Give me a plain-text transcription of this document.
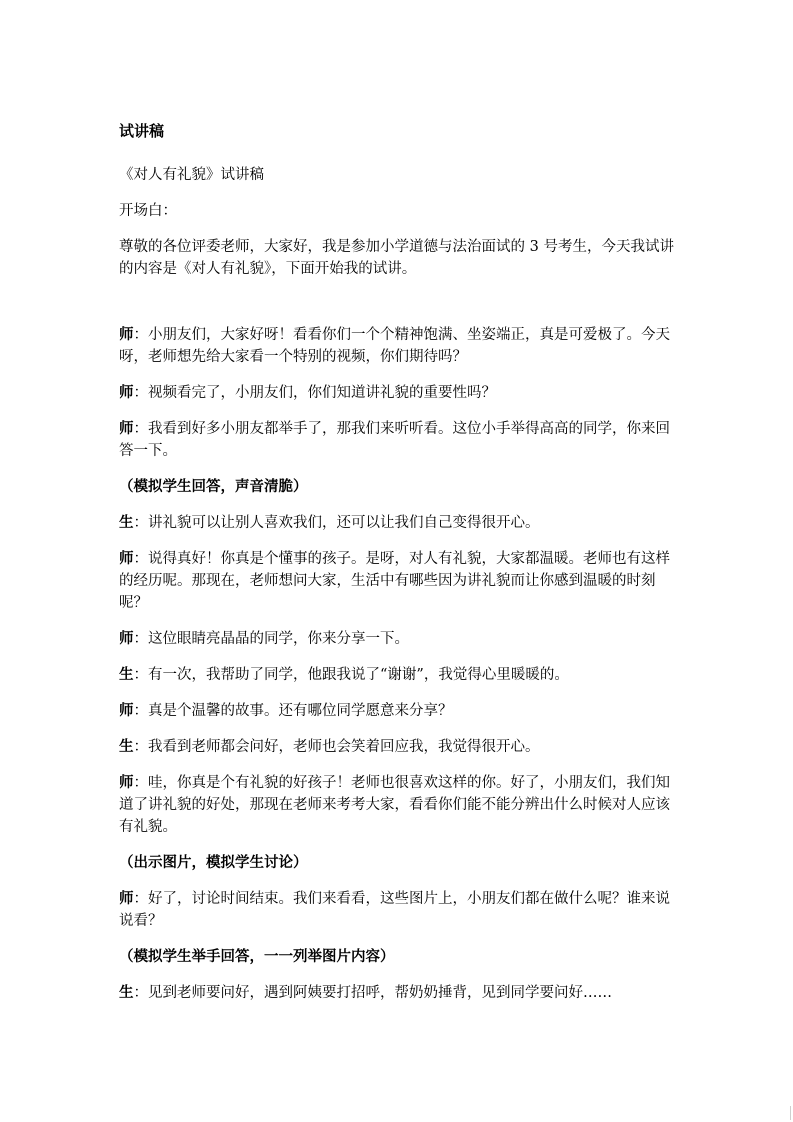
试讲稿
《对人有礼貌》试讲稿
开场白：
尊敬的各位评委老师，大家好，我是参加小学道德与法治面试的 3 号考生，今天我试讲的内容是《对人有礼貌》，下面开始我的试讲。
师：小朋友们，大家好呀！看看你们一个个精神饱满、坐姿端正，真是可爱极了。今天呀，老师想先给大家看一个特别的视频，你们期待吗？
师：视频看完了，小朋友们，你们知道讲礼貌的重要性吗？
师：我看到好多小朋友都举手了，那我们来听听看。这位小手举得高高的同学，你来回答一下。
（模拟学生回答，声音清脆）
生：讲礼貌可以让别人喜欢我们，还可以让我们自己变得很开心。
师：说得真好！你真是个懂事的孩子。是呀，对人有礼貌，大家都温暖。老师也有这样的经历呢。那现在，老师想问大家，生活中有哪些因为讲礼貌而让你感到温暖的时刻呢？
师：这位眼睛亮晶晶的同学，你来分享一下。
生：有一次，我帮助了同学，他跟我说了“谢谢”，我觉得心里暖暖的。
师：真是个温馨的故事。还有哪位同学愿意来分享？
生：我看到老师都会问好，老师也会笑着回应我，我觉得很开心。
师：哇，你真是个有礼貌的好孩子！老师也很喜欢这样的你。好了，小朋友们，我们知道了讲礼貌的好处，那现在老师来考考大家，看看你们能不能分辨出什么时候对人应该有礼貌。
（出示图片，模拟学生讨论）
师：好了，讨论时间结束。我们来看看，这些图片上，小朋友们都在做什么呢？谁来说说看？
（模拟学生举手回答，一一列举图片内容）
生：见到老师要问好，遇到阿姨要打招呼，帮奶奶捶背，见到同学要问好……
